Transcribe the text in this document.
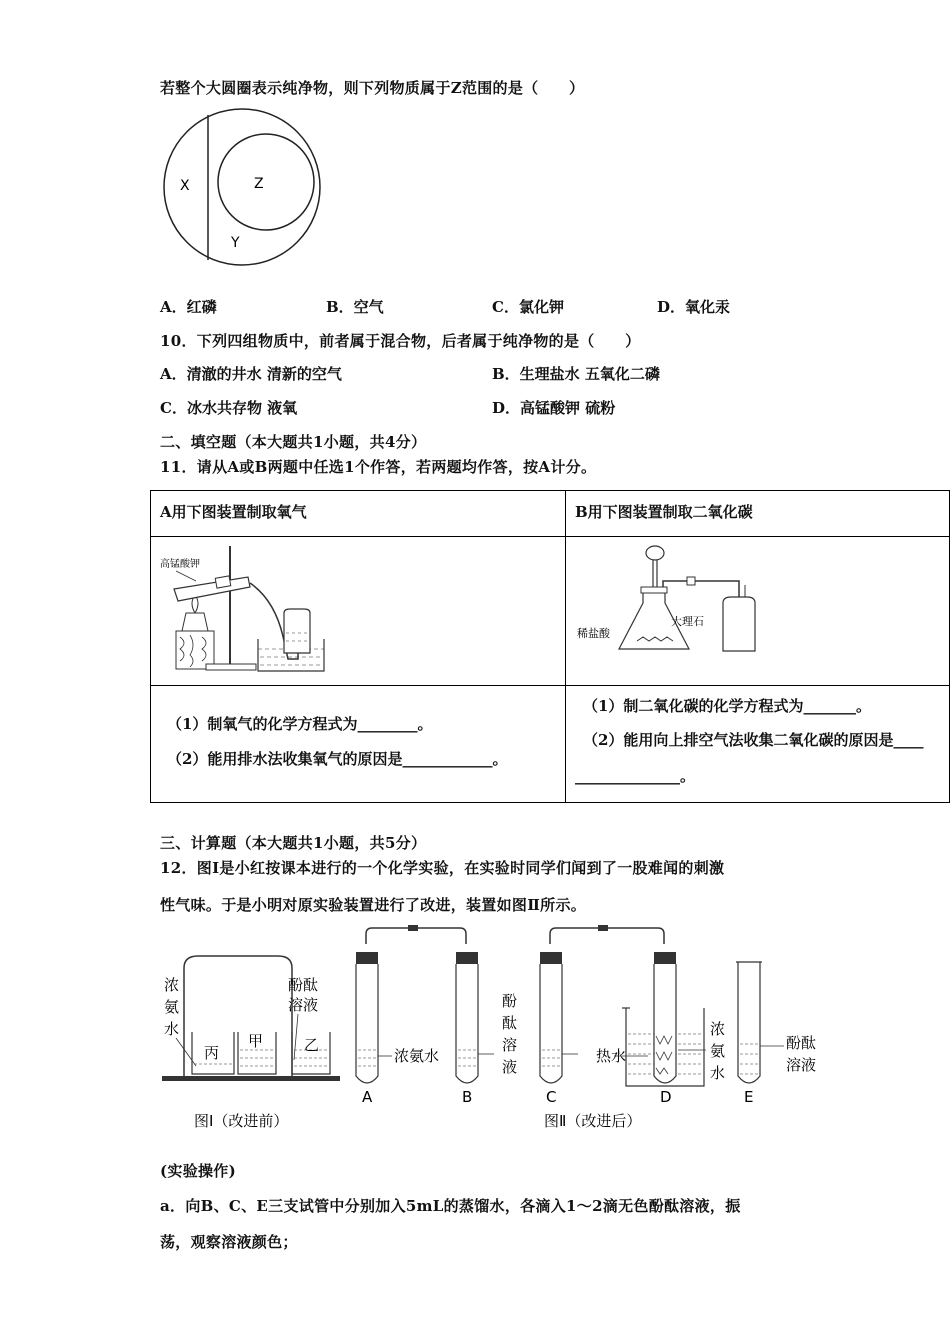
若整个大圆圈表示纯净物，则下列物质属于Z范围的是（　　）
X	Z
Y
A．红磷	B．空气	C．氯化钾	D．氧化汞
10．下列四组物质中，前者属于混合物，后者属于纯净物的是（　　）
A．清澈的井水 清新的空气	B．生理盐水 五氧化二磷
C．冰水共存物 液氧	D．高锰酸钾 硫粉
二、填空题（本大题共1小题，共4分）
11．请从A或B两题中任选1个作答，若两题均作答，按A计分。
A用下图装置制取氧气	B用下图装置制取二氧化碳
高锰酸钾
稀盐酸
大理石
（1）制氧气的化学方程式为________。
（2）能用排水法收集氧气的原因是____________。
（1）制二氧化碳的化学方程式为_______。
（2）能用向上排空气法收集二氧化碳的原因是____
______________。
三、计算题（本大题共1小题，共5分）
12．图Ⅰ是小红按课本进行的一个化学实验，在实验时同学们闻到了一股难闻的刺激
性气味。于是小明对原实验装置进行了改进，装置如图Ⅱ所示。
丙
甲	乙
浓
氨
水
酚酞
溶液
图Ⅰ（改进前）
浓氨水
酚
酞
溶
液
热水
浓
氨
水
酚酞
溶液
A	B	C	D	E
图Ⅱ（改进后）
(实验操作)
a．向B、C、E三支试管中分别加入5mL的蒸馏水，各滴入1～2滴无色酚酞溶液，振
荡，观察溶液颜色；
